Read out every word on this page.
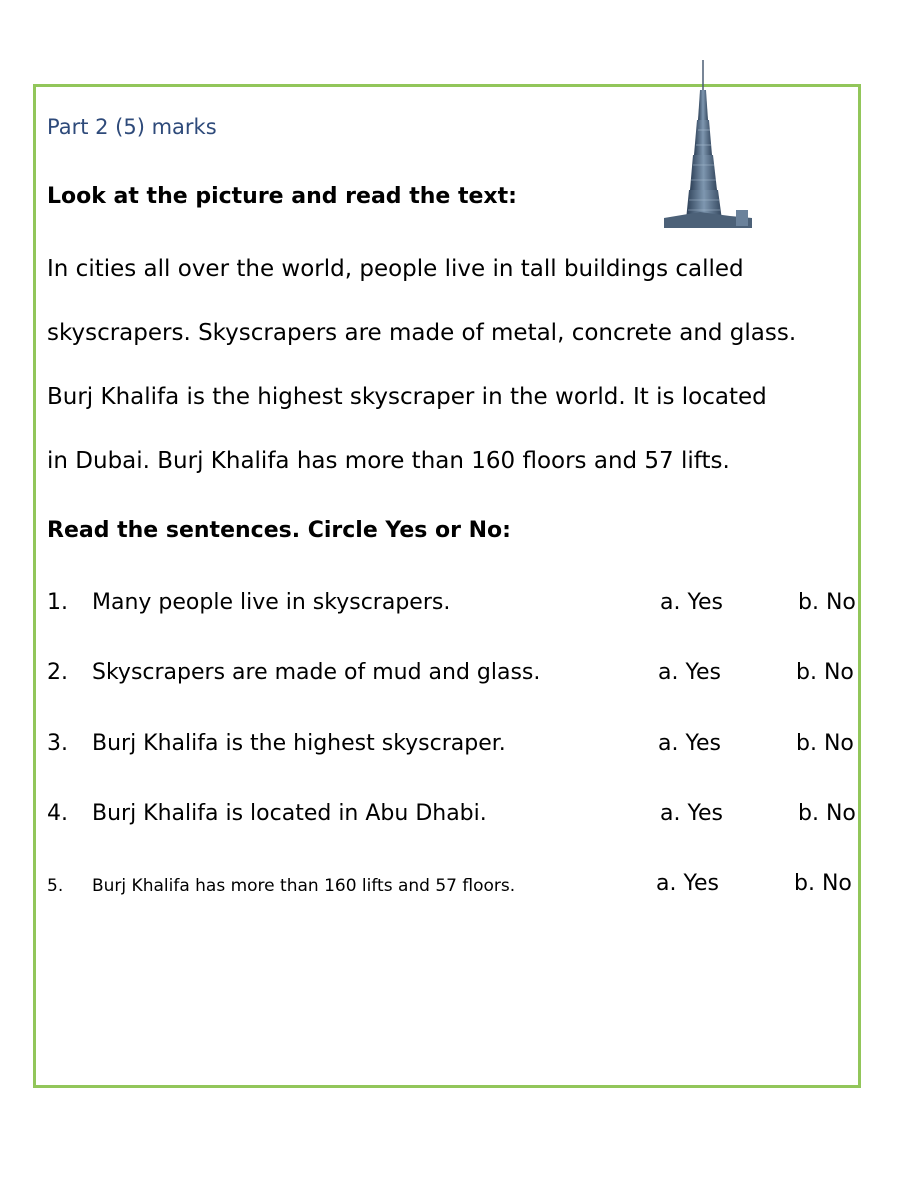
Part 2 (5) marks
Look at the picture and read the text:
In cities all over the world, people live in tall buildings called
skyscrapers. Skyscrapers are made of metal, concrete and glass.
Burj Khalifa is the highest skyscraper in the world. It is located
in Dubai. Burj Khalifa has more than 160 floors and 57 lifts.
Read the sentences. Circle Yes or No:
1. Many people live in skyscrapers.	a. Yes	b. No
2. Skyscrapers are made of mud and glass.	a. Yes	b. No
3. Burj Khalifa is the highest skyscraper.	a. Yes	b. No
4. Burj Khalifa is located in Abu Dhabi.	a. Yes	b. No
5. Burj Khalifa has more than 160 lifts and 57 floors.	a. Yes	b. No
